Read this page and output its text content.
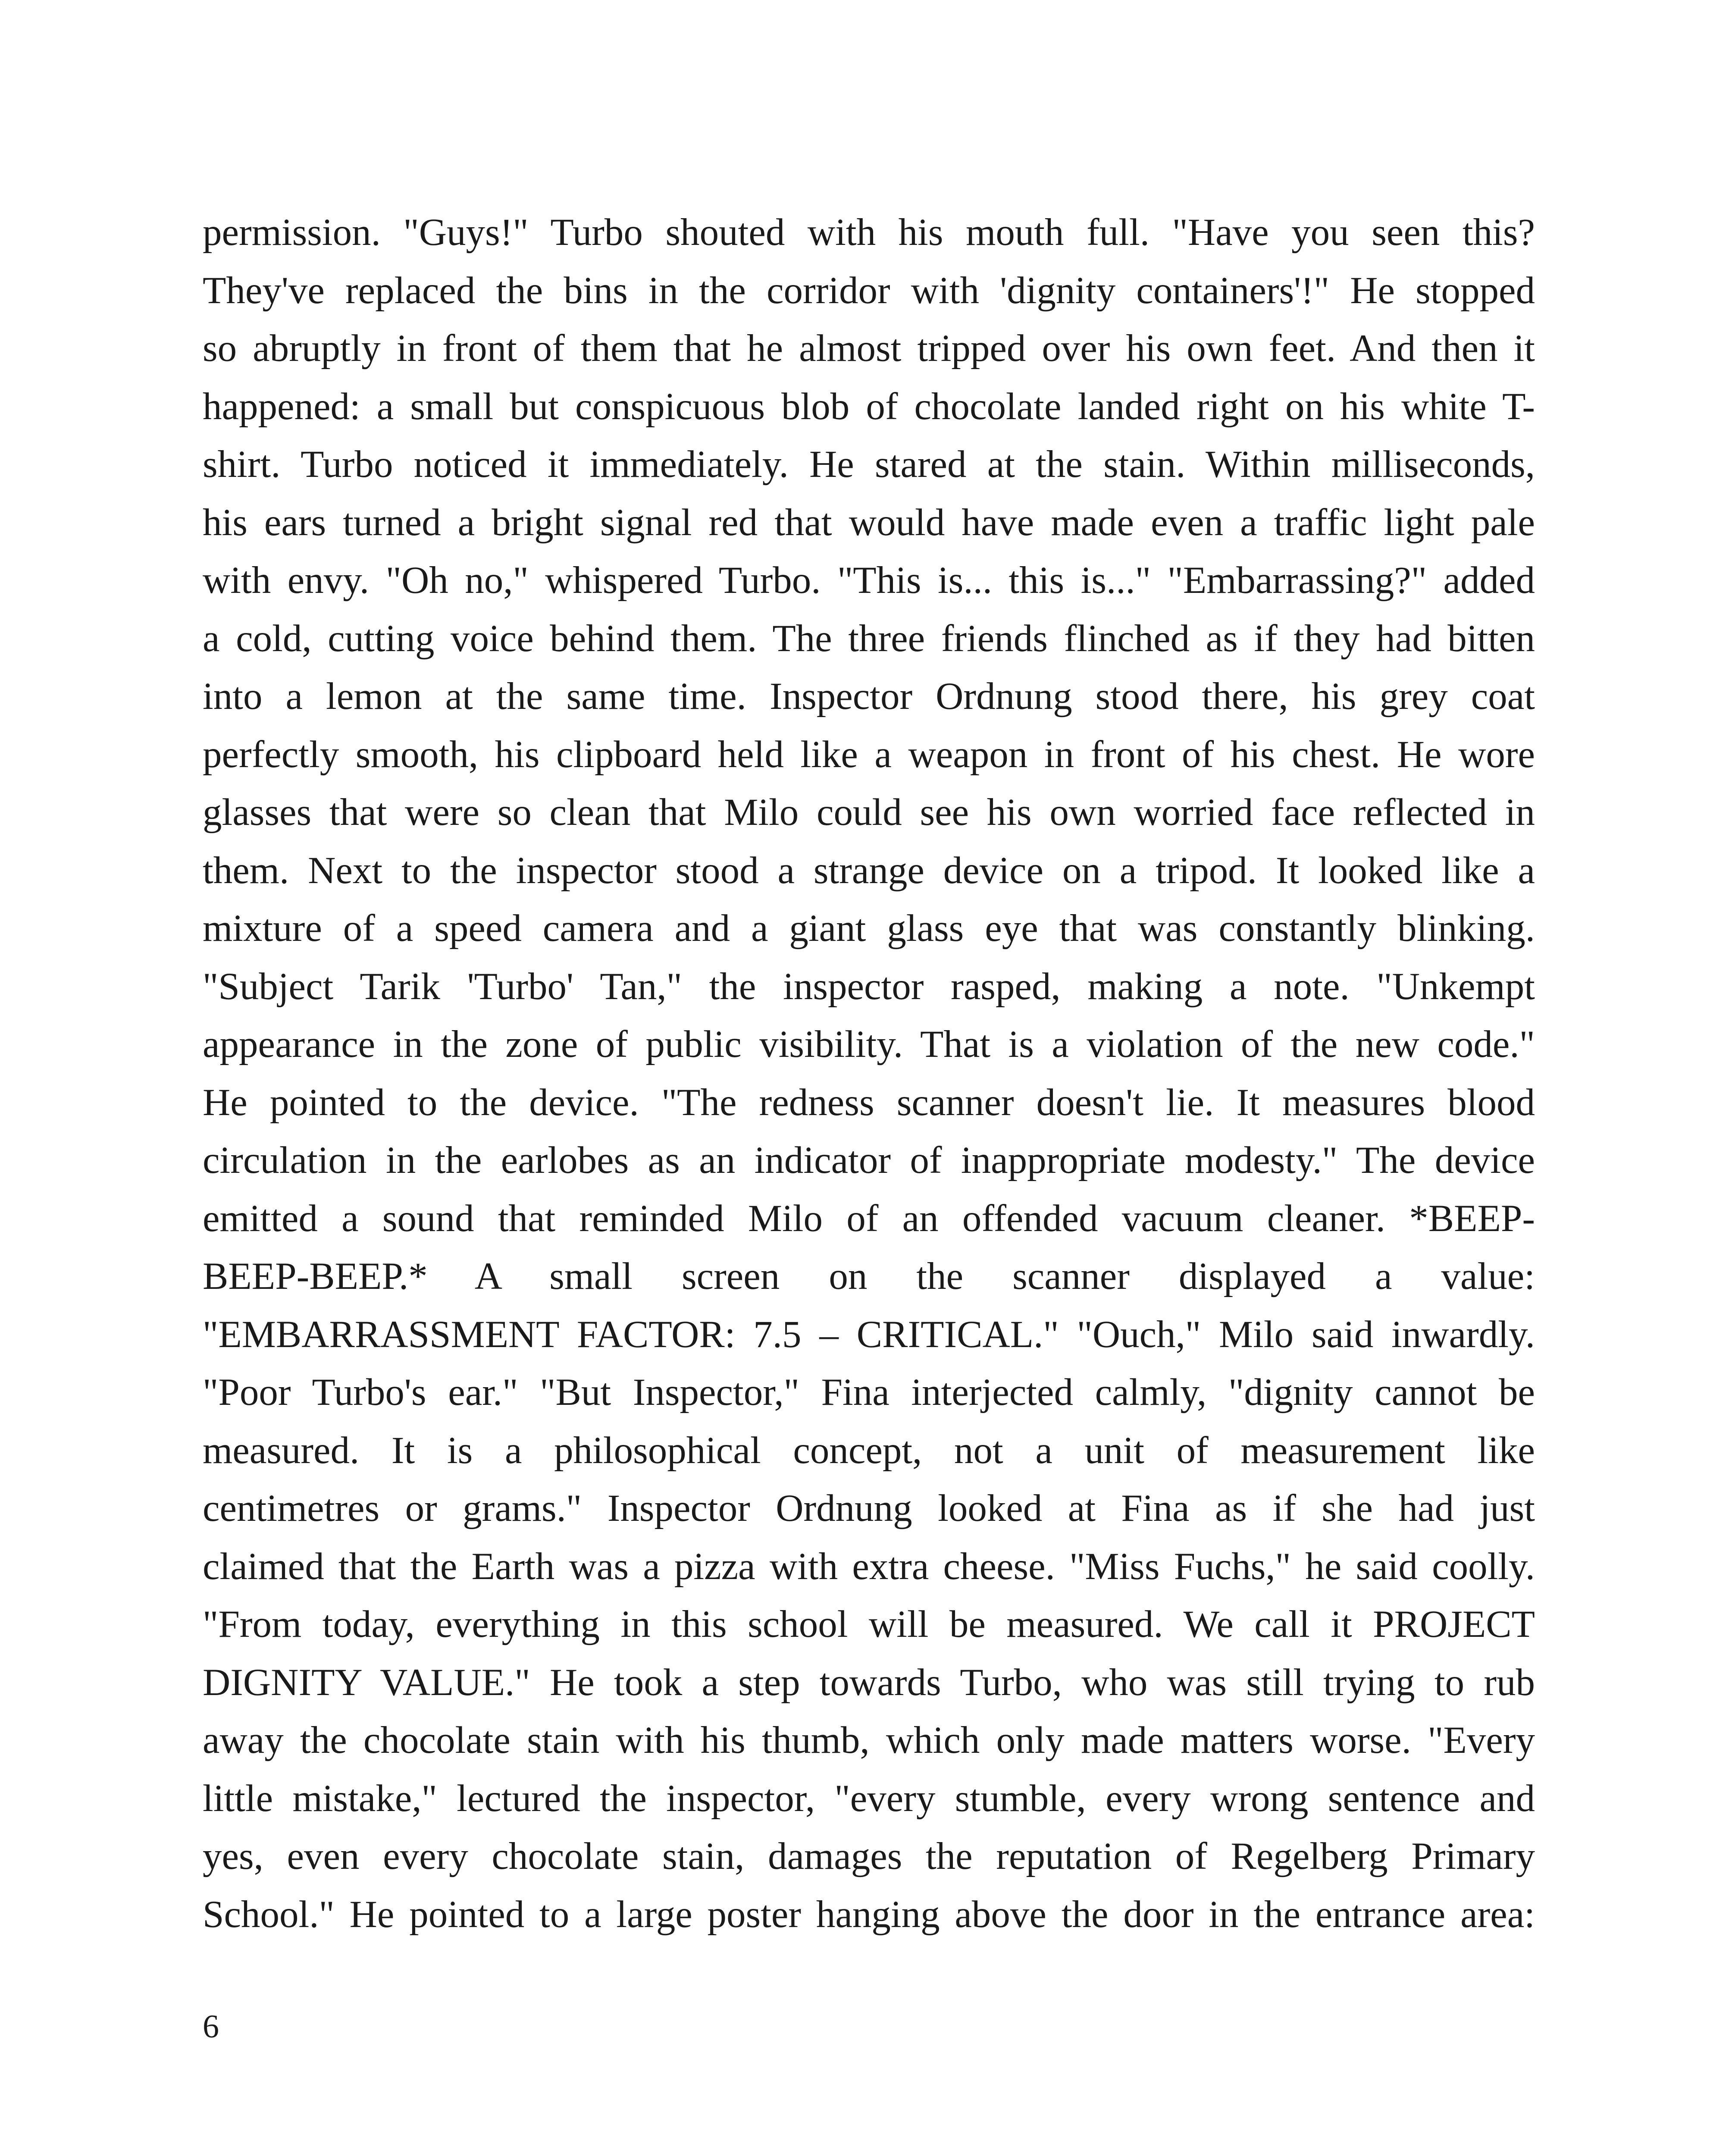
permission. "Guys!" Turbo shouted with his mouth full. "Have you seen this?
They've replaced the bins in the corridor with 'dignity containers'!" He stopped
so abruptly in front of them that he almost tripped over his own feet. And then it
happened: a small but conspicuous blob of chocolate landed right on his white T-
shirt. Turbo noticed it immediately. He stared at the stain. Within milliseconds,
his ears turned a bright signal red that would have made even a traffic light pale
with envy. "Oh no," whispered Turbo. "This is... this is..." "Embarrassing?" added
a cold, cutting voice behind them. The three friends flinched as if they had bitten
into a lemon at the same time. Inspector Ordnung stood there, his grey coat
perfectly smooth, his clipboard held like a weapon in front of his chest. He wore
glasses that were so clean that Milo could see his own worried face reflected in
them. Next to the inspector stood a strange device on a tripod. It looked like a
mixture of a speed camera and a giant glass eye that was constantly blinking.
"Subject Tarik 'Turbo' Tan," the inspector rasped, making a note. "Unkempt
appearance in the zone of public visibility. That is a violation of the new code."
He pointed to the device. "The redness scanner doesn't lie. It measures blood
circulation in the earlobes as an indicator of inappropriate modesty." The device
emitted a sound that reminded Milo of an offended vacuum cleaner. *BEEP-
BEEP-BEEP.* A small screen on the scanner displayed a value:
"EMBARRASSMENT FACTOR: 7.5 – CRITICAL." "Ouch," Milo said inwardly.
"Poor Turbo's ear." "But Inspector," Fina interjected calmly, "dignity cannot be
measured. It is a philosophical concept, not a unit of measurement like
centimetres or grams." Inspector Ordnung looked at Fina as if she had just
claimed that the Earth was a pizza with extra cheese. "Miss Fuchs," he said coolly.
"From today, everything in this school will be measured. We call it PROJECT
DIGNITY VALUE." He took a step towards Turbo, who was still trying to rub
away the chocolate stain with his thumb, which only made matters worse. "Every
little mistake," lectured the inspector, "every stumble, every wrong sentence and
yes, even every chocolate stain, damages the reputation of Regelberg Primary
School." He pointed to a large poster hanging above the door in the entrance area:
6
